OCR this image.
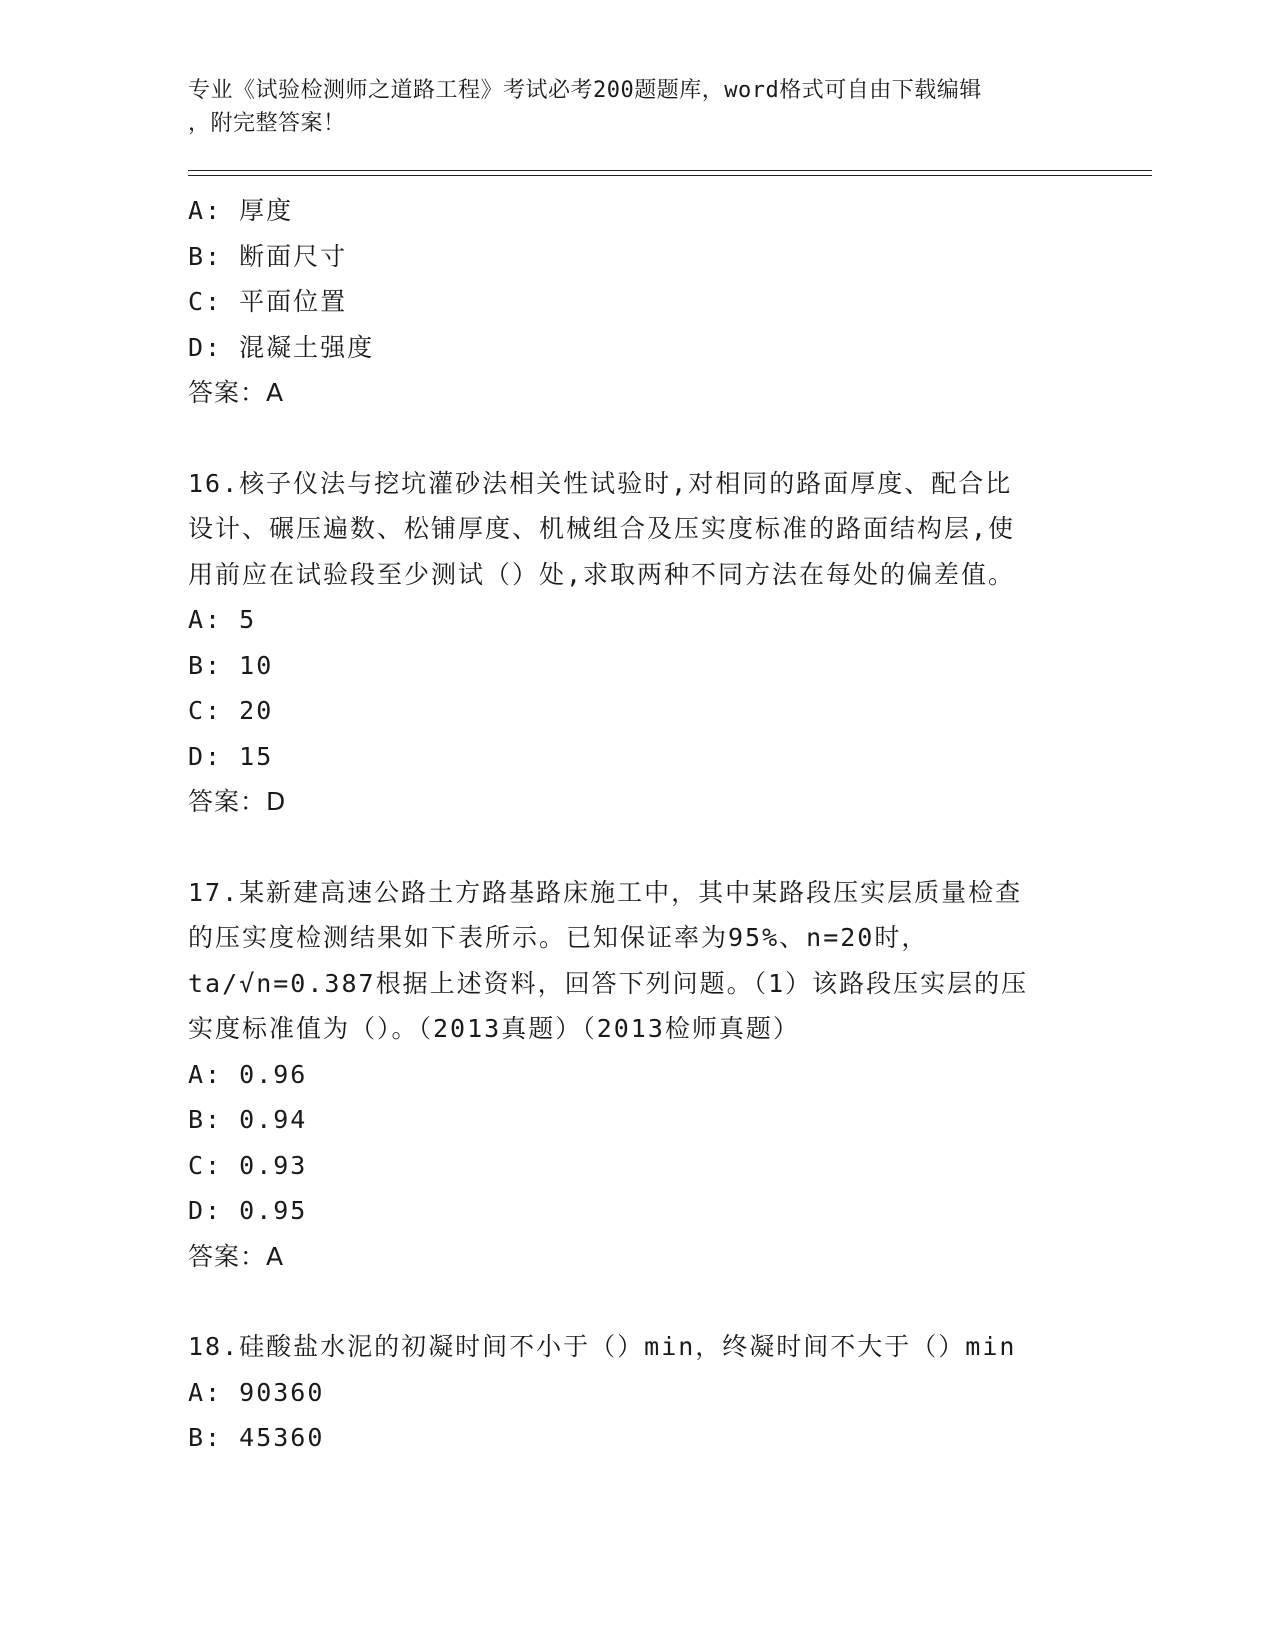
专业《试验检测师之道路工程》考试必考200题题库，word格式可自由下载编辑
，附完整答案！
A: 厚度
B: 断面尺寸
C: 平面位置
D: 混凝土强度
答案：A
16.核子仪法与挖坑灌砂法相关性试验时,对相同的路面厚度、配合比
设计、碾压遍数、松铺厚度、机械组合及压实度标准的路面结构层,使
用前应在试验段至少测试（）处,求取两种不同方法在每处的偏差值。
A: 5
B: 10
C: 20
D: 15
答案：D
17.某新建高速公路土方路基路床施工中，其中某路段压实层质量检查
的压实度检测结果如下表所示。已知保证率为95%、n=20时，
ta/√n=0.387根据上述资料，回答下列问题。（1）该路段压实层的压
实度标准值为（）。（2013真题）（2013检师真题）
A: 0.96
B: 0.94
C: 0.93
D: 0.95
答案：A
18.硅酸盐水泥的初凝时间不小于（）min，终凝时间不大于（）min
A: 90360
B: 45360
